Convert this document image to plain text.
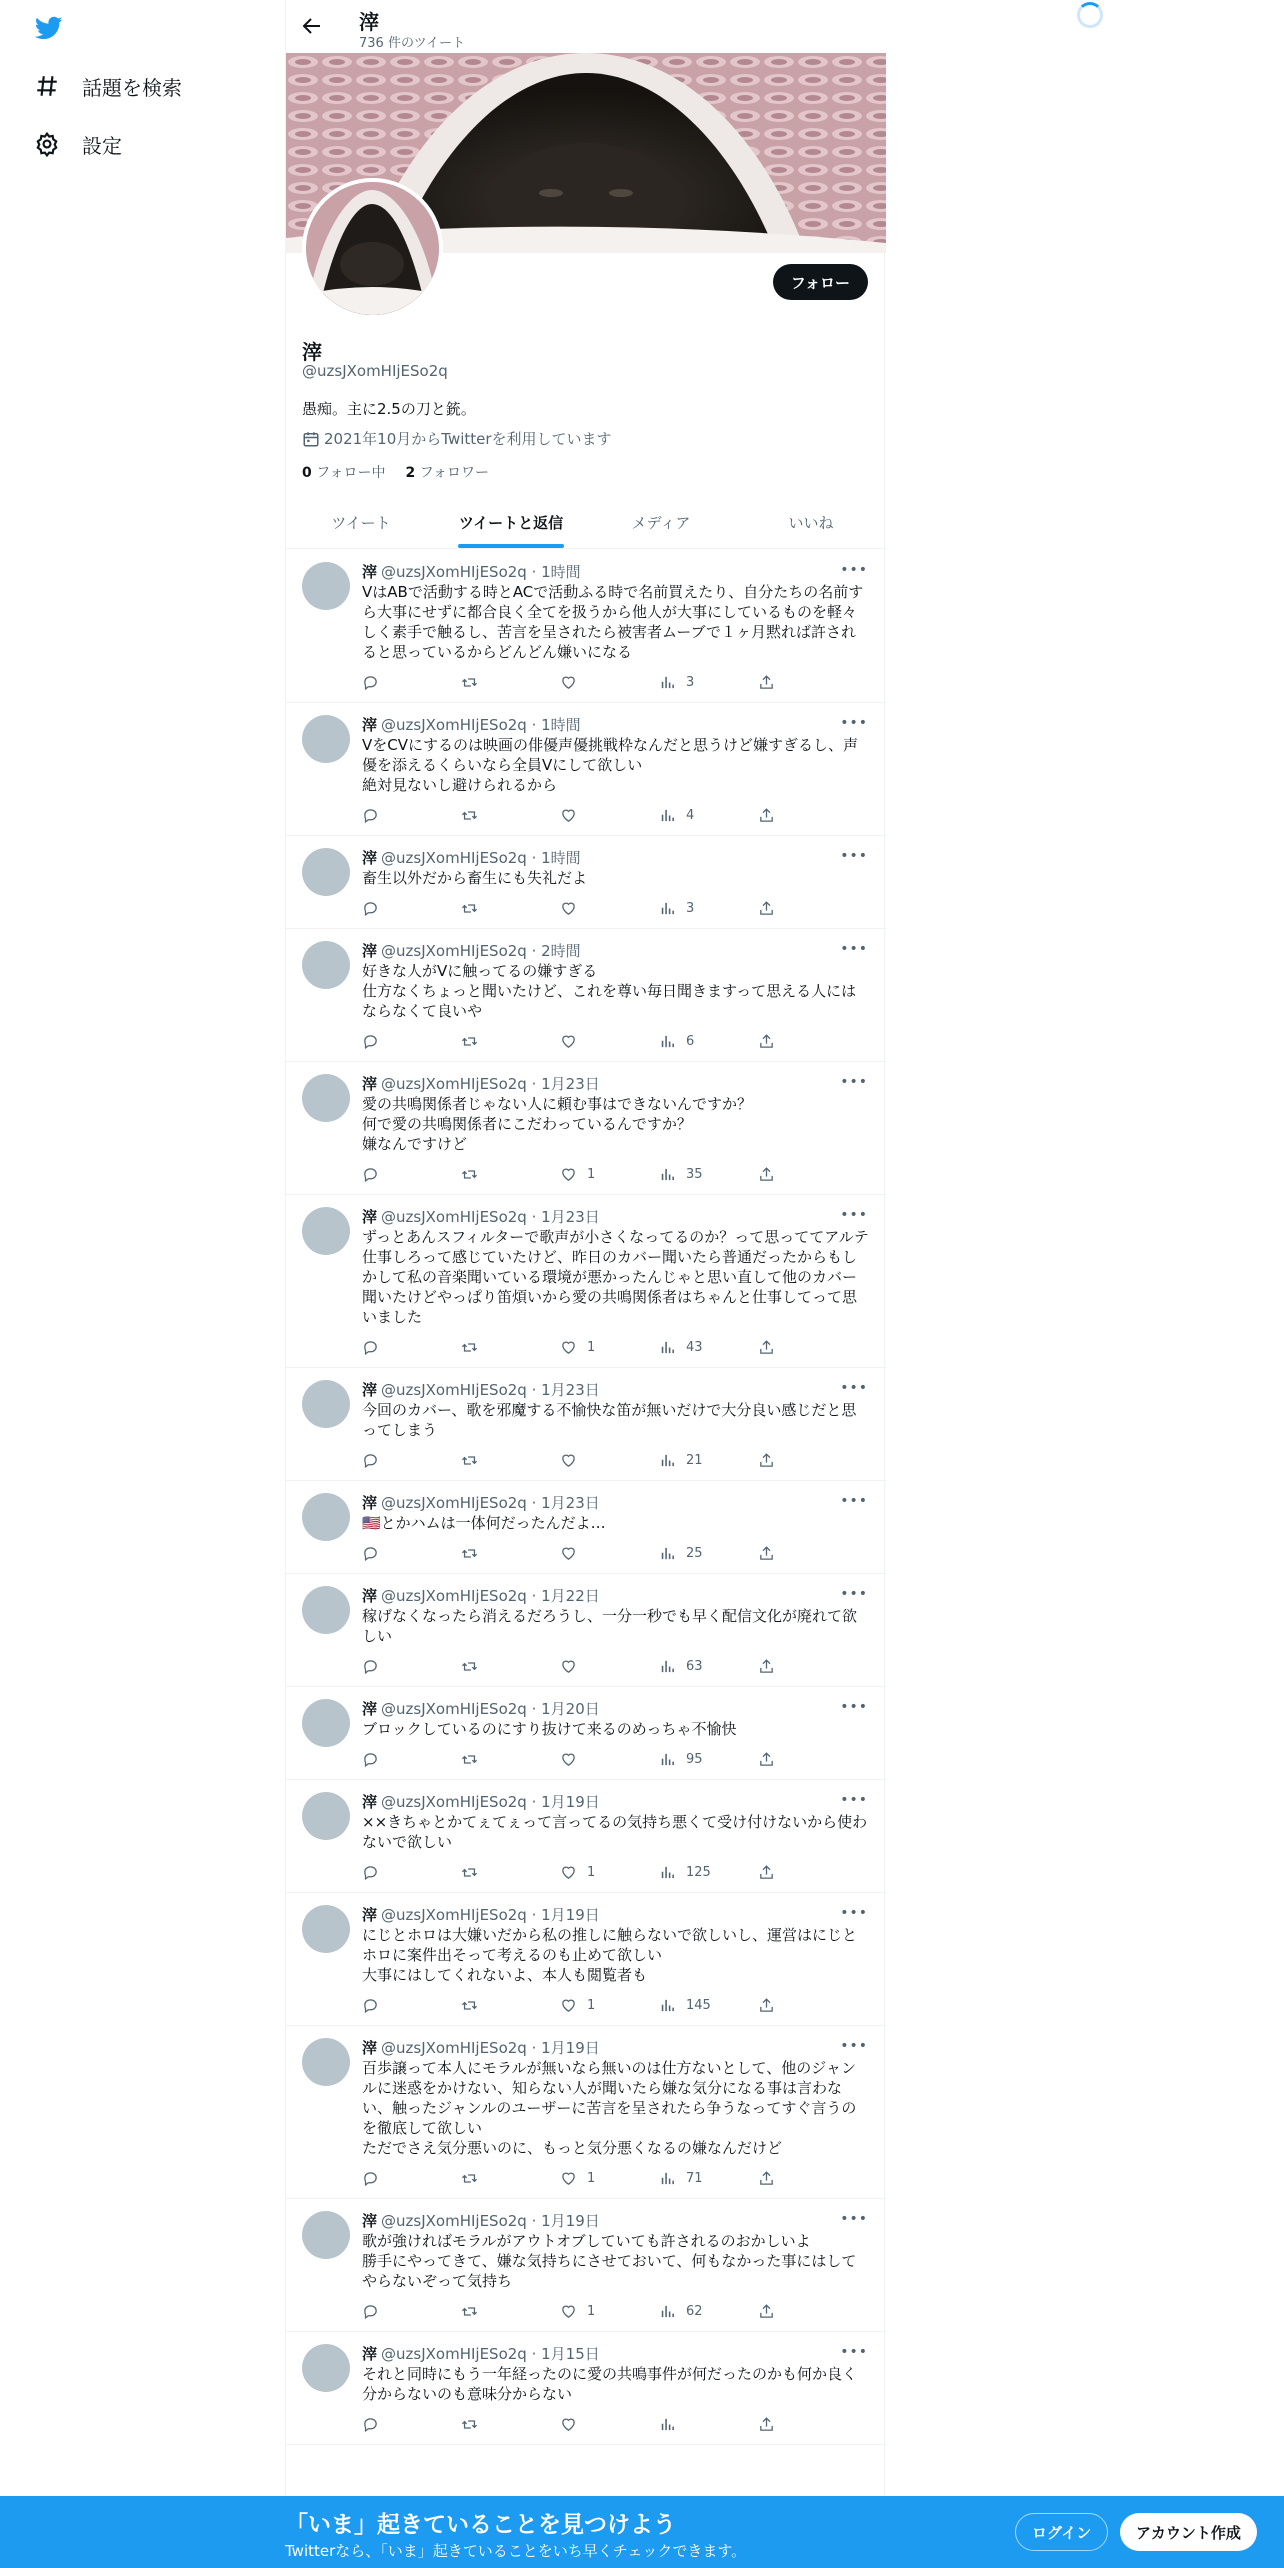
話題を検索
設定
滓
736 件のツイート
フォロー
滓
@uzsJXomHIjESo2q
愚痴。主に2.5の刀と銃。
2021年10月からTwitterを利用しています
0 フォロー中 2 フォロワー
ツイート	ツイートと返信	メディア	いいね
•••
滓 @uzsJXomHIjESo2q · 1時間
VはABで活動する時とACで活動ふる時で名前買えたり、自分たちの名前すら大事にせずに都合良く全てを扱うから他人が大事にしているものを軽々しく素手で触るし、苦言を呈されたら被害者ムーブで１ヶ月黙れば許されると思っているからどんどん嫌いになる
3
•••
滓 @uzsJXomHIjESo2q · 1時間
VをCVにするのは映画の俳優声優挑戦枠なんだと思うけど嫌すぎるし、声優を添えるくらいなら全員Vにして欲しい
絶対見ないし避けられるから
4
•••
滓 @uzsJXomHIjESo2q · 1時間
畜生以外だから畜生にも失礼だよ
3
•••
滓 @uzsJXomHIjESo2q · 2時間
好きな人がVに触ってるの嫌すぎる
仕方なくちょっと聞いたけど、これを尊い毎日聞きますって思える人にはならなくて良いや
6
•••
滓 @uzsJXomHIjESo2q · 1月23日
愛の共鳴関係者じゃない人に頼む事はできないんですか？
何で愛の共鳴関係者にこだわっているんですか？
嫌なんですけど
1	35
•••
滓 @uzsJXomHIjESo2q · 1月23日
ずっとあんスフィルターで歌声が小さくなってるのか？って思っててアルテ仕事しろって感じていたけど、昨日のカバー聞いたら普通だったからもしかして私の音楽聞いている環境が悪かったんじゃと思い直して他のカバー聞いたけどやっぱり笛煩いから愛の共鳴関係者はちゃんと仕事してって思いました
1	43
•••
滓 @uzsJXomHIjESo2q · 1月23日
今回のカバー、歌を邪魔する不愉快な笛が無いだけで大分良い感じだと思ってしまう
21
•••
滓 @uzsJXomHIjESo2q · 1月23日
🇺🇸とかハムは一体何だったんだよ…
25
•••
滓 @uzsJXomHIjESo2q · 1月22日
稼げなくなったら消えるだろうし、一分一秒でも早く配信文化が廃れて欲しい
63
•••
滓 @uzsJXomHIjESo2q · 1月20日
ブロックしているのにすり抜けて来るのめっちゃ不愉快
95
•••
滓 @uzsJXomHIjESo2q · 1月19日
××きちゃとかてぇてぇって言ってるの気持ち悪くて受け付けないから使わないで欲しい
1	125
•••
滓 @uzsJXomHIjESo2q · 1月19日
にじとホロは大嫌いだから私の推しに触らないで欲しいし、運営はにじとホロに案件出そって考えるのも止めて欲しい
大事にはしてくれないよ、本人も閲覧者も
1	145
•••
滓 @uzsJXomHIjESo2q · 1月19日
百歩譲って本人にモラルが無いなら無いのは仕方ないとして、他のジャンルに迷惑をかけない、知らない人が聞いたら嫌な気分になる事は言わない、触ったジャンルのユーザーに苦言を呈されたら争うなってすぐ言うのを徹底して欲しい
ただでさえ気分悪いのに、もっと気分悪くなるの嫌なんだけど
1	71
•••
滓 @uzsJXomHIjESo2q · 1月19日
歌が強ければモラルがアウトオブしていても許されるのおかしいよ
勝手にやってきて、嫌な気持ちにさせておいて、何もなかった事にはしてやらないぞって気持ち
1	62
•••
滓 @uzsJXomHIjESo2q · 1月15日
それと同時にもう一年経ったのに愛の共鳴事件が何だったのかも何か良く分からないのも意味分からない
「いま」起きていることを見つけよう
Twitterなら、「いま」起きていることをいち早くチェックできます。
ログイン	アカウント作成
